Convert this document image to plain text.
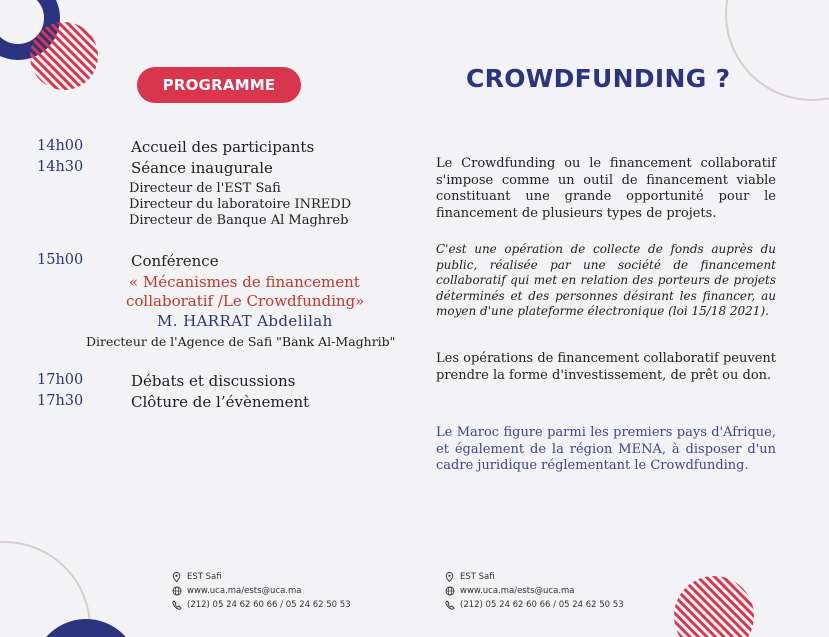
PROGRAMME	CROWDFUNDING ?
14h00	Accueil des participants
14h30	Séance inaugurale
Directeur de l'EST Safi
Directeur du laboratoire INREDD
Directeur de Banque Al Maghreb
15h00	Conférence
« Mécanismes de financement
collaboratif /Le Crowdfunding»
M. HARRAT Abdelilah
Directeur de l'Agence de Safi "Bank Al-Maghrib"
17h00	Débats et discussions
17h30	Clôture de l’évènement
Le Crowdfunding ou le financement collaboratif s'impose comme un outil de financement viable constituant une grande opportunité pour le financement de plusieurs types de projets.
C'est une opération de collecte de fonds auprès du public, réalisée par une société de financement collaboratif qui met en relation des porteurs de projets déterminés et des personnes désirant les financer, au moyen d'une plateforme électronique (loi 15/18 2021).
Les opérations de financement collaboratif peuvent prendre la forme d'investissement, de prêt ou don.
Le Maroc figure parmi les premiers pays d'Afrique, et également de la région MENA, à disposer d'un cadre juridique réglementant le Crowdfunding.
EST Safi
www.uca.ma/ests@uca.ma
(212) 05 24 62 60 66 / 05 24 62 50 53
EST Safi
www.uca.ma/ests@uca.ma
(212) 05 24 62 60 66 / 05 24 62 50 53
